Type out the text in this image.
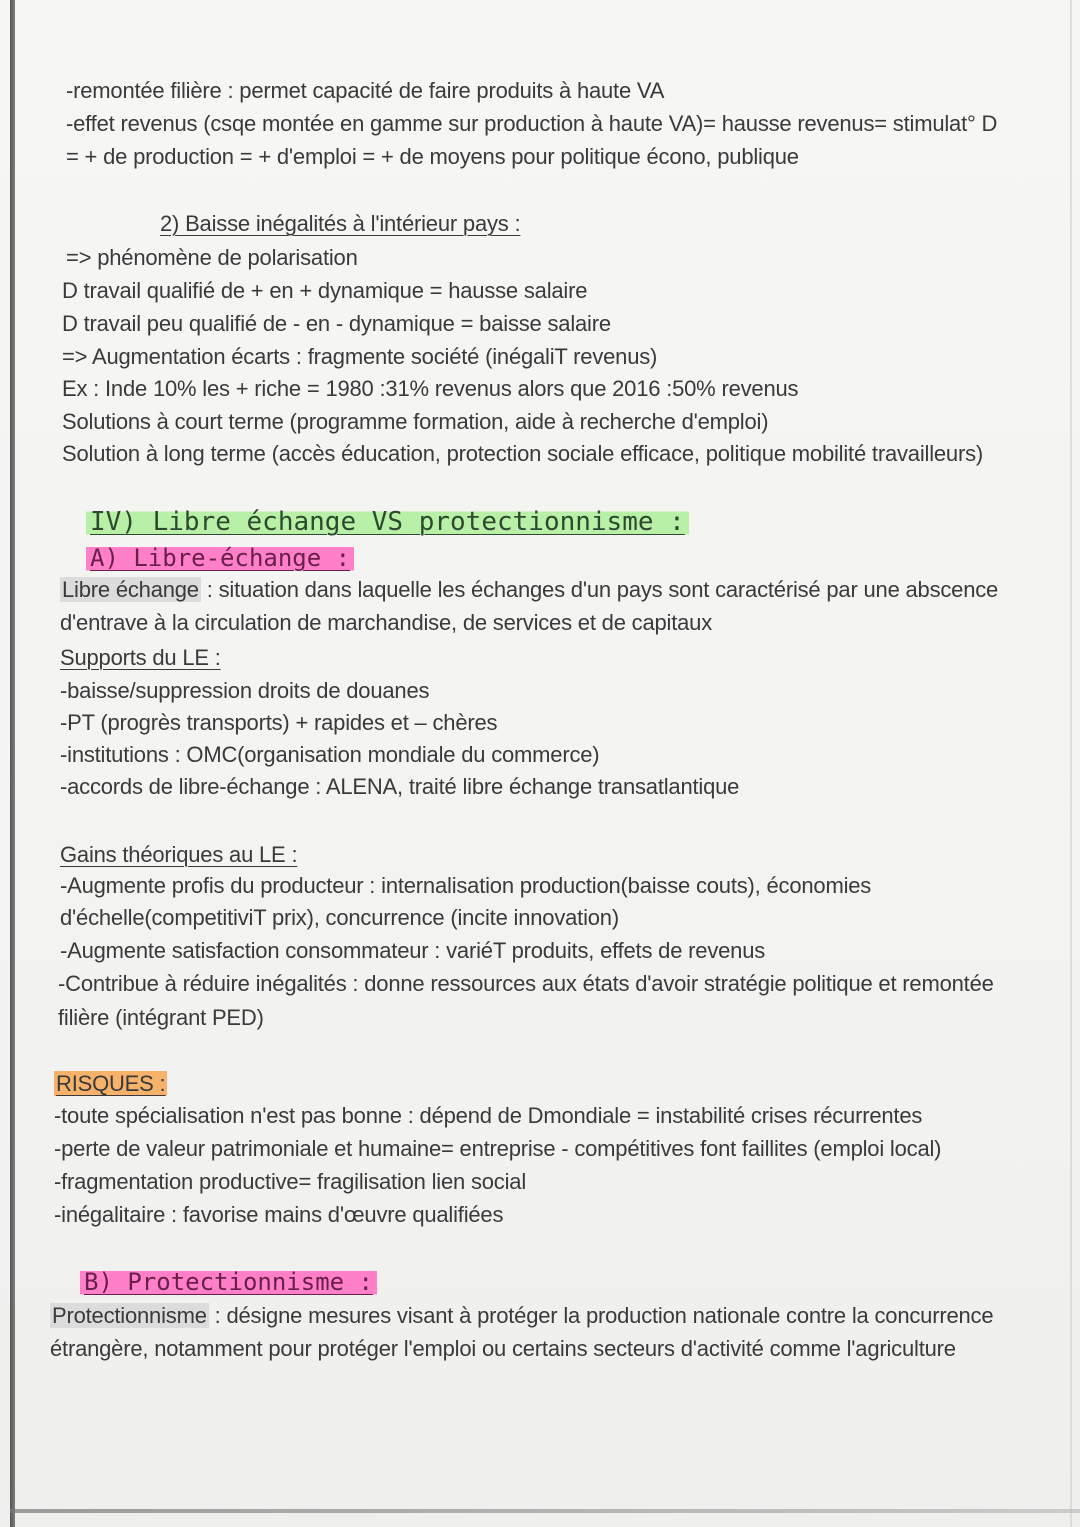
-remontée filière : permet capacité de faire produits à haute VA
-effet revenus (csqe montée en gamme sur production à haute VA)= hausse revenus= stimulat° D
= + de production = + d'emploi = + de moyens pour politique écono, publique
2) Baisse inégalités à l'intérieur pays :
=> phénomène de polarisation
D travail qualifié de + en + dynamique = hausse salaire
D travail peu qualifié de - en - dynamique = baisse salaire
=> Augmentation écarts : fragmente société (inégaliT revenus)
Ex : Inde 10% les + riche = 1980 :31% revenus alors que 2016 :50% revenus
Solutions à court terme (programme formation, aide à recherche d'emploi)
Solution à long terme (accès éducation, protection sociale efficace, politique mobilité travailleurs)
IV) Libre échange VS protectionnisme :
A) Libre-échange :
Libre échange : situation dans laquelle les échanges d'un pays sont caractérisé par une abscence
d'entrave à la circulation de marchandise, de services et de capitaux
Supports du LE :
-baisse/suppression droits de douanes
-PT (progrès transports) + rapides et – chères
-institutions : OMC(organisation mondiale du commerce)
-accords de libre-échange : ALENA, traité libre échange transatlantique
Gains théoriques au LE :
-Augmente profis du producteur : internalisation production(baisse couts), économies
d'échelle(competitiviT prix), concurrence (incite innovation)
-Augmente satisfaction consommateur : variéT produits, effets de revenus
-Contribue à réduire inégalités : donne ressources aux états d'avoir stratégie politique et remontée
filière (intégrant PED)
RISQUES :
-toute spécialisation n'est pas bonne : dépend de Dmondiale = instabilité crises récurrentes
-perte de valeur patrimoniale et humaine= entreprise - compétitives font faillites (emploi local)
-fragmentation productive= fragilisation lien social
-inégalitaire : favorise mains d'œuvre qualifiées
B) Protectionnisme :
Protectionnisme : désigne mesures visant à protéger la production nationale contre la concurrence
étrangère, notamment pour protéger l'emploi ou certains secteurs d'activité comme l'agriculture
